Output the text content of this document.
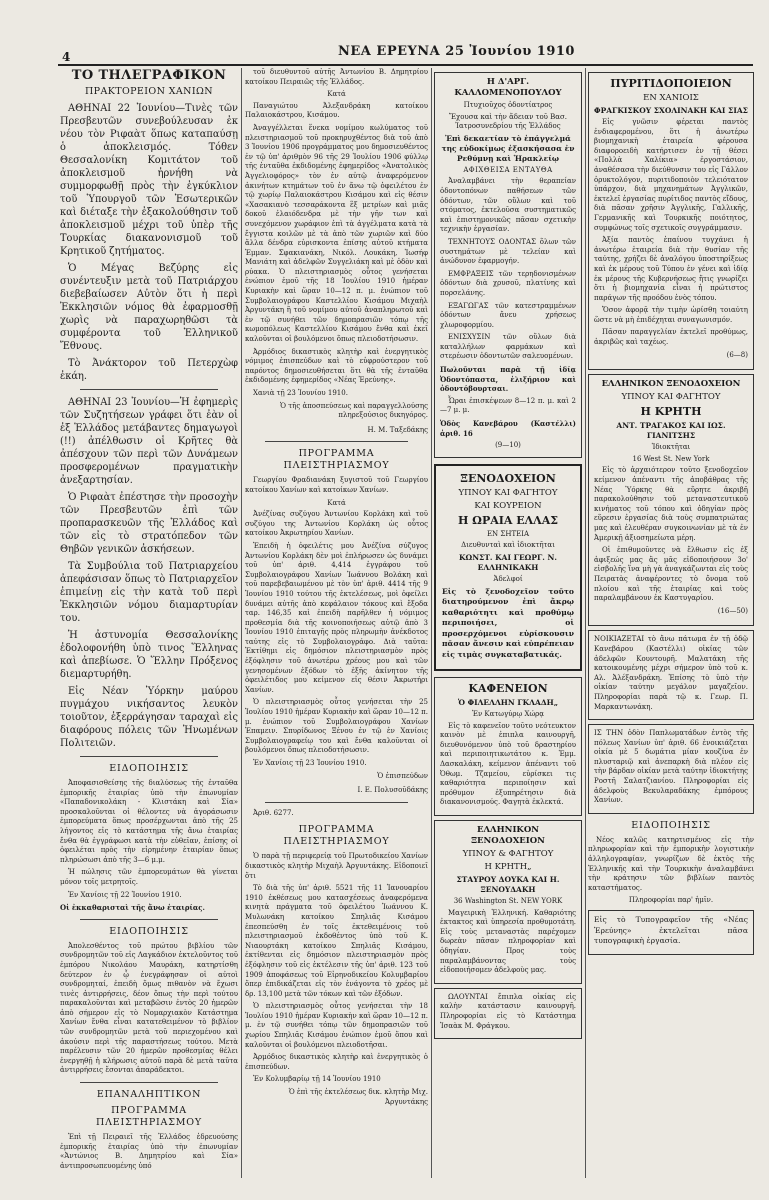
4	ΝΕΑ ΕΡΕΥΝΑ 25 Ἰουνίου 1910
ΤΟ ΤΗΛΕΓΡΑΦΙΚΟΝ
ΠΡΑΚΤΟΡΕΙΟΝ ΧΑΝΙΩΝ

ΑΘΗΝΑΙ 22 Ἰουνίου—Τινὲς τῶν Πρεσβευτῶν συνεβούλευσαν ἐκ νέου τὸν Ριφαὰτ ὅπως καταπαύσῃ ὁ ἀποκλεισμός. Τόθεν Θεσσαλονίκη Κομιτάτον τοῦ ἀποκλεισμοῦ ἠρνήθη νὰ συμμορφωθῇ πρὸς τὴν ἐγκύκλιον τοῦ Ὑπουργοῦ τῶν Ἐσωτερικῶν καὶ διέταξε τὴν ἐξακολούθησιν τοῦ ἀποκλεισμοῦ μέχρι τοῦ ὑπὲρ τῆς Τουρκίας διακανονισμοῦ τοῦ Κρητικοῦ ζητήματος.

Ὁ Μέγας Βεζύρης εἰς συνέντευξιν μετὰ τοῦ Πατριάρχου διεβεβαίωσεν Αὐτὸν ὅτι ἡ περὶ Ἐκκλησιῶν νόμος θὰ ἐφαρμοσθῇ χωρὶς νὰ παραχωρηθῶσι τὰ συμφέροντα τοῦ Ἑλληνικοῦ Ἔθνους.

Τὸ Ἀνάκτορον τοῦ Πετερχὼφ ἐκάη.

ΑΘΗΝΑΙ 23 Ἰουνίου—Ἡ ἐφημερὶς τῶν Συζητήσεων γράφει ὅτι ἐὰν οἱ ἐξ Ἑλλάδος μετάβαντες δημαγωγοὶ (!!) ἀπέλθωσιν οἱ Κρῆτες θὰ ἀπέσχουν τῶν περὶ τῶν Δυνάμεων προσφερομένων πραγματικὴν ἀνεξαρτησίαν.

Ὁ Ριφαὰτ ἐπέστησε τὴν προσοχὴν τῶν Πρεσβευτῶν ἐπὶ τῶν προπαρασκευῶν τῆς Ἑλλάδος καὶ τῶν εἰς τὸ στρατόπεδον τῶν Θηβῶν γενικῶν ἀσκήσεων.

Τὰ Συμβούλια τοῦ Πατριαρχείου ἀπεφάσισαν ὅπως τὸ Πατριαρχεῖον ἐπιμείνῃ εἰς τὴν κατὰ τοῦ περὶ Ἐκκλησιῶν νόμου διαμαρτυρίαν του.

Ἡ ἀστυνομία Θεσσαλονίκης ἐδολοφονήθη ὑπὸ τινος Ἕλληνας καὶ ἀπεβίωσε. Ὁ Ἕλλην Πρόξενος διεμαρτυρήθη.

Εἰς Νέαν Ὑόρκην μαύρου πυγμάχου νικήσαντος λευκὸν τοιοῦτον, ἐξερράγησαν ταραχαὶ εἰς διαφόρους πόλεις τῶν Ἡνωμένων Πολιτειῶν.

ΕΙΔΟΠΟΙΗΣΙΣ

Ἀποφασισθείσης τῆς διαλύσεως τῆς ἐνταῦθα ἐμπορικῆς ἑταιρίας ὑπὸ τὴν ἐπωνυμίαν «Παπαδονικολάκη - Κλιστάκη καὶ Σία» προσκαλοῦνται οἱ θέλοντες νὰ ἀγοράσωσιν ἐμπορεύματα ὅπως προσέρχωνται ἀπὸ τῆς 25 λήγοντος εἰς τὸ κατάστημα τῆς ἄνω ἑταιρίας ἔνθα θὰ ἐγγράφωσι κατὰ τὴν εὐθεῖαν, ἐπίσης οἱ ὀφειλέται πρὸς τὴν εἰρημένην ἑταιρίαν ὅπως πληρώσωσι ἀπὸ τῆς 3—6 μ.μ.

Ἡ πώλησις τῶν ἐμπορευμάτων θὰ γίνεται μόνον τοῖς μετρητοῖς.

Ἐν Χανίοις τῇ 22 Ἰουνίου 1910.

Οἱ ἐκκαθαρισταὶ τῆς ἄνω ἑταιρίας.

ΕΙΔΟΠΟΙΗΣΙΣ

Ἀπολεσθέντος τοῦ πρώτου βιβλίου τῶν συνδρομητῶν τοῦ εἰς Λαγκάδιον ἐκτελοῦντος τοῦ ἐμπόρου Νικολάου Μαυράκη, κατηρτίσθη δεύτερον ἐν ᾧ ἐνεγράφησαν οἱ αὐτοὶ συνδρομηταί, ἐπειδὴ ὅμως πιθανὸν νὰ ἔχωσι τινὲς ἀντιρρήσεις, δέον ὅπως τὴν περὶ τούτου παρακαλοῦνται καὶ μεταβῶσιν ἐντὸς 20 ἡμερῶν ἀπὸ σήμερον εἰς τὸ Νομαρχιακὸν Κατάστημα Χανίων ἔνθα εἶναι κατατεθειμένον τὸ βιβλίον τῶν συνδρομητῶν μετὰ τοῦ περιεχομένου καὶ ἀκούσιν περὶ τῆς παραστήσεως τούτου. Μετὰ παρέλευσιν τῶν 20 ἡμερῶν προθεσμίας θέλει ἐνεργηθῇ ἡ κλήρωσις αὐτοῦ παρὰ δὲ μετὰ ταῦτα ἀντιρρήσεις ἔσονται ἀπαράδεκτοι.

ΕΠΑΝΑΛΗΠΤΙΚΟΝ
ΠΡΟΓΡΑΜΜΑ ΠΛΕΙΣΤΗΡΙΑΣΜΟΥ

Ἐπὶ τῇ Πειραιεῖ τῆς Ἑλλάδος ἐδρευούσης ἐμπορικῆς ἑταιρίας ὑπὸ τὴν ἐπωνυμίαν «Ἀντώνιος Β. Δημητρίου καὶ Σία» ἀντιπροσωπευομένης ὑπό

τοῦ διευθυντοῦ αὐτῆς Ἀντωνίου Β. Δημητρίου κατοίκου Πειραιῶς τῆς Ἑλλάδος.

Κατά

Παναγιώτου Ἀλεξανδράκη κατοίκου Παλαιοκάστρου, Κισάμου.

Ἀναγγέλλεται ἕνεκα νομίμου κωλύματος τοῦ πλειστηριασμοῦ τοῦ προκηρυχθέντος διὰ τοῦ ἀπὸ 3 Ἰουνίου 1906 προγράμματος μου δημοσιευθέντος ἐν τῷ ὑπ' ἀριθμὸν 96 τῆς 29 Ἰουλίου 1906 φύλλῳ τῆς ἐνταῦθα ἐκδιδομένης ἐφημερίδος «Ἀνατολικὸς Ἀγγελιοφόρος» τὸν ἐν αὐτῷ ἀναφερόμενον ἀκινήτων κτημάτων τοῦ ἐν ἄνω τῷ ὀφειλέτου ἐν τῷ χωρίῳ Παλαιοκάστρου Κισάμου καὶ εἰς θέσιν «Χασακιανὸ τεσσαράκοντα ἓξ μετρίων καὶ μιᾶς δοκοῦ ἐλαιόδενδρα μὲ τὴν γῆν των καὶ συνεχόμενον χωράφιον ἐπὶ τὰ ἀγγέλματα κατὰ τὰ ἔγγιστα κοιλῶν μὲ τὰ ἀπὸ τῶν χωριῶν καὶ δύο ἄλλα δένδρα εὑρισκοντα ἐπίσης αὐτοῦ κτήματα Ἐμμαν. Σφακιανάκη, Νικόλ. Λουκάκη, Ἰωσήφ Μανιάτη καὶ ἀδελφῶν Συγγελιάκη καὶ μὲ ὁδὸν καὶ ρύακα. Ὁ πλειστηριασμὸς οὗτος γενήσεται ἐνώπιον ἐμοῦ τῆς 18 Ἰουλίου 1910 ἡμέραν Κυριακὴν καὶ ὥραν 10—12 π. μ. ἐνώπιον τοῦ Συμβολαιογράφου Καστελλίου Κισάμου Μιχαὴλ Ἀργυντάκη ἢ τοῦ νομίμου αὐτοῦ ἀναπληρωτοῦ καὶ ἐν τῷ συνήθει τῶν δημοπρασιῶν τόπῳ τῆς κωμοπόλεως Καστελλίου Κισάμου ἔνθα καὶ ἐκεῖ καλοῦνται οἱ βουλόμενοι ὅπως πλειοδοτήσωσιν.

Ἀρμόδιος δικαστικὸς κλητὴρ καὶ ἐνεργητικὸς νόμιμος ἐπισπεύδων καὶ τὸ εὐφρούστερον τοῦ παρόντος δημοσιευθήσεται ὅτι θὰ τῆς ἐνταῦθα ἐκδιδομένης ἐφημερίδος «Νέας Ἐρεύνης».

Χανιὰ τῇ 23 Ἰουνίου 1910.

Ὁ τῆς ἀποσπεύσεως καὶ παραγγελλούσης πληρεξούσιος δικηγόρος.

Η. Μ. Ταξεδάκης

ΠΡΟΓΡΑΜΜΑ ΠΛΕΙΣΤΗΡΙΑΣΜΟΥ

Γεωργίου Φραδιανάκη ξυγιστοῦ τοῦ Γεωργίου κατοίκου Χανίων καὶ κατοίκων Χανίων.

Κατά

Ἀνέζίνας συζύγου Ἀντωνίου Κορλάκη καὶ τοῦ συζύγου της Ἀντωνίου Κορλάκη ὡς οὗτος κατοίκου Ἀκρωτηρίου Χανίων.

Ἐπειδὴ ἡ ὀφειλέτις μου Ἀνέζίνα σύζυγος Ἀντωνίου Κορλάκη δὲν μοὶ ἐπλήρωσεν ὡς δυνάμει τοῦ ὑπ' ἀριθ. 4,414 ἐγγράφου τοῦ Συμβολαιογράφου Χανίων Ἰωάννου Βολάκη καὶ τοῦ παρεβεβαιωμένου μὲ τὸν ὑπ' ἀριθ. 4414 τῆς 9 Ἰουνίου 1910 τούτου τῆς ἐκτελέσεως, μοὶ ὀφείλει δυνάμει αὐτῆς ἀπὸ κεφάλαιον τόκους καὶ ἔξοδα ταρ. 146,35 καὶ ἐπειδὴ παρῆλθεν ἡ νόμιμος προθεσμία διὰ τῆς κοινοποιήσεως αὐτῷ ἀπὸ 3 Ἰουνίου 1910 ἐπιταγῆς πρὸς πληρωμὴν ἀνέκδοτος ταύτης εἰς τὸ Συμβολαιογράφο. Διὰ ταῦτα: Ἐκτίθημι εἰς δημόσιον πλειστηριασμὸν πρὸς ἐξόφλησιν τοῦ ἀνωτέρω χρέους μου καὶ τῶν γενησομένων ἐξόδων τὸ ἐξῆς ἀκίνητον τῆς ὀφειλέτιδος μου κείμενον εἰς θέσιν Ἀκρωτήρι Χανίων.

Ὁ πλειστηριασμὸς οὗτος γενήσεται τὴν 25 Ἰουλίου 1910 ἡμέραν Κυριακὴν καὶ ὥραν 10—12 π. μ. ἐνώπιον τοῦ Συμβολαιογράφου Χανίων Ἐπαμειν. Σπυρίδωνος Ξένου ἐν τῷ ἐν Χανίοις Συμβολαιογραφείῳ του καὶ ἔνθα καλοῦνται οἱ βουλόμενοι ὅπως πλειοδοτήσωσιν.

Ἐν Χανίοις τῇ 23 Ἰουνίου 1910.

Ὁ ἐπισπεύδων

Ι. Ε. Πολυσοῦδάκης

Ἀριθ. 6277.

ΠΡΟΓΡΑΜΜΑ ΠΛΕΙΣΤΗΡΙΑΣΜΟΥ

Ὁ παρὰ τῇ περιφερείᾳ τοῦ Πρωτοδικείου Χανίων δικαστικὸς κλητὴρ Μιχαὴλ Ἀργυντάκης. Εἰδοποιεῖ ὅτι

Τὸ διὰ τῆς ὑπ' ἀριθ. 5521 τῆς 11 Ἰανουαρίου 1910 ἐκθέσεως μου κατασχέσεως ἀναφερόμενα κινητὰ πράγματα τοῦ ὀφειλέτου Ἰωάννου Κ. Μυλωνάκη κατοίκου Σπηλιᾶς Κισάμου ἐπεσπεύσθη ἐν τοῖς ἐκτεθειμένοις τοῦ πλειστηριασμοῦ ἐκδοθέντος ὑπὸ τοῦ Κ. Νιαουρτάκη κατοίκου Σπηλιᾶς Κισάμου, ἐκτίθενται εἰς δημόσιον πλειστηριασμὸν πρὸς ἐξόφλησιν τοῦ εἰς ἐκτέλεσιν τῆς ὑπ' ἀριθ. 123 τοῦ 1909 ἀποφάσεως τοῦ Εἰρηνοδικείου Κολυμβαρίου ὅπερ ἐπιδικάζεται εἰς τὸν ἐνάγοντα τὸ χρέος μὲ δρ. 13,100 μετὰ τῶν τόκων καὶ τῶν ἐξόδων.

Ὁ πλειστηριασμὸς οὗτος γενήσεται τὴν 18 Ἰουλίου 1910 ἡμέραν Κυριακὴν καὶ ὥραν 10—12 π. μ. ἐν τῷ συνήθει τόπῳ τῶν δημοπρασιῶν τοῦ χωρίου Σπηλιᾶς Κισάμου ἐνώπιον ἐμοῦ ὅπου καὶ καλοῦνται οἱ βουλόμενοι πλειοδοτῆσαι.

Ἀρμόδιος δικαστικὸς κλητὴρ καὶ ἐνεργητικὸς ὁ ἐπισπεύδων.

Ἐν Κολυμβαρίῳ τῇ 14 Ἰουνίου 1910

Ὁ ἐπὶ τῆς ἐκτελέσεως δικ. κλητὴρ Μιχ. Ἀργυντάκης

Η Δ'ΑΡΓ. ΚΑΛΛΟΜΕΝΟΠΟΥΛΟΥ

Πτυχιοῦχος ὀδοντίατρος

Ἔχουσα καὶ τὴν ἄδειαν τοῦ Βασ. Ἰατροσυνεδρίου τῆς Ἑλλάδος

Ἐπὶ δεκαετίαν τὸ ἐπάγγελμά της εὐδοκίμως ἐξασκήσασα ἐν Ρεθύμνῃ καὶ Ἡρακλείῳ

ΑΦΙΧΘΕΙΣΑ ΕΝΤΑΥΘΑ

Ἀναλαμβάνει τὴν θεραπείαν ὀδοντοπόνων παθήσεων τῶν ὀδόντων, τῶν οὔλων καὶ τοῦ στόματος, ἐκτελοῦσα συστηματικῶς καὶ ἐπιστημονικῶς πᾶσαν σχετικὴν τεχνικὴν ἐργασίαν.

ΤΕΧΝΗΤΟΥΣ ΟΔΟΝΤΑΣ ὅλων τῶν συστημάτων μὲ τελείαν καὶ ἀνώδυνον ἐφαρμογήν.

ΕΜΦΡΑΞΕΙΣ τῶν τερηδονισμένων ὀδόντων διὰ χρυσοῦ, πλατίνης καὶ πορσελάνης.

ΕΞΑΓΩΓΑΣ τῶν κατεστραμμένων ὀδόντων ἄνευ χρήσεως χλωροφορμίου.

ΕΝΙΣΧΥΣΙΝ τῶν οὔλων διὰ καταλλήλων φαρμάκων καὶ στερέωσιν ὀδοντωτῶν σαλευομένων.

Πωλοῦνται παρὰ τῇ ἰδίᾳ Ὀδοντόπαστα, ἐλιξήριον καὶ ὀδοντόβουρτσαι.

Ὧραι ἐπισκέψεων 8—12 π. μ. καὶ 2—7 μ. μ.

Ὁδὸς Κανεβάρου (Καστέλλι) ἀριθ. 16

(9—10)

ΞΕΝΟΔΟΧΕΙΟΝ

ΥΠΝΟΥ ΚΑΙ ΦΑΓΗΤΟΥ

ΚΑΙ ΚΟΥΡΕΙΟΝ

Η ΩΡΑΙΑ ΕΛΛΑΣ

ΕΝ ΣΗΤΕΙΑ

Διευθυνταὶ καὶ ἰδιοκτῆται

ΚΩΝΣΤ. ΚΑΙ ΓΕΩΡΓ. Ν. ΕΛΛΗΝΙΚΑΚΗ

Ἀδελφοί

Εἰς τὸ ξενοδοχεῖον τοῦτο διατηρούμενον ἐπὶ ἄκρῳ καθαριότητι καὶ προθύμῳ περιποιήσει, οἱ προσερχόμενοι εὑρίσκουσιν πᾶσαν ἄνεσιν καὶ εὐπρέπειαν εἰς τιμὰς συγκαταβατικάς.

ΚΑΦΕΝΕΙΟΝ

Ὁ ΦΙΛΕΛΛΗΝ ΓΚΛΑΔΗ„

Ἐν Κατωγύρῳ Χώρᾳ

Εἰς τὸ καφενεῖον τοῦτο νεότευκτον καινὸν μὲ ἐπιπλα καινουργῆ, διευθυνόμενον ὑπὸ τοῦ δραστηρίου καὶ περιποιητικωτάτου κ. Ἐμμ. Δασκαλάκη, κείμενον ἀπέναντι τοῦ Ὀθωμ. Τζαμείου, εὑρίσκει τις καθαριότητα περιποίησιν καὶ πρόθυμον ἐξυπηρέτησιν διὰ διακανονισμούς. Φαγητὰ ἐκλεκτά.

ΕΛΛΗΝΙΚΟΝ ΞΕΝΟΔΟΧΕΙΟΝ

ΥΠΝΟΥ & ΦΑΓΗΤΟΥ

Η ΚΡΗΤΗ„

ΣΤΑΥΡΟΥ ΔΟΥΚΑ ΚΑΙ Η. ΞΕΝΟΥΔΑΚΗ

36 Washington St. NEW YORK

Μαγειρικὴ Ἑλληνική. Καθαριότης ἐκτακτος καὶ ὑπηρεσία προθυμοτάτη. Εἰς τοὺς μεταναστὰς παρέχομεν δωρεὰν πᾶσαν πληροφορίαν καὶ ὁδηγίαν. Προς τοὺς παραλαμβάνοντας τοὺς εἰδοποιήσομεν ἀδελφοὺς μας.

ΩΛΟΥΝΤΑΙ ἔπιπλα οἰκίας εἰς καλὴν κατάστασιν καινουργῆ. Πληροφορίαι εἰς τὸ Κατάστημα Ἰσαὰκ Μ. Φράγκου.

ΠΥΡΙΤΙΔΟΠΟΙΕΙΟΝ

ΕΝ ΧΑΝΙΟΙΣ

ΦΡΑΓΚΙΣΚΟΥ ΣΧΟΛΙΝΑΚΗ ΚΑΙ ΣΙΑΣ

Εἰς γνῶσιν φέρεται παντὸς ἐνδιαφερομένου, ὅτι ἡ ἀνωτέρω βιομηχανικὴ ἑταιρεία φέρουσα διαφοροειδὴ κατήρτισεν ἐν τῇ θέσει «Πολλὰ Χαλίκια» ἐργοστάσιον, ἀναθέσασα τὴν διεύθυνσιν του εἰς Γάλλον ὀρυκτολόγον, πυριτιδοποιὸν τελειότατον ὑπάρχον, διὰ μηχανημάτων Ἀγγλικῶν, ἐκτελεῖ ἐργασίας πυρίτιδος παντὸς εἴδους, διὰ πᾶσαν χρῆσιν Ἀγγλικῆς, Γαλλικῆς, Γερμανικῆς καὶ Τουρκικῆς ποιότητος, συμφώνως τοῖς σχετικοῖς συγγράμμασιν.

Ἀξία παντὸς ἐπαίνου τυγχάνει ἡ ἀνωτέρω ἑταιρεία διὰ τὴν θυσίαν τῆς ταύτης, χρήζει δὲ ἀναλόγου ὑποστηρίξεως καὶ ἐκ μέρους τοῦ Τύπου ἐν γένει καὶ ἰδίᾳ ἐκ μέρους τῆς Κυβερνήσεως ἥτις γνωρίζει ὅτι ἡ βιομηχανία εἶναι ἡ πρώτιστος παράγων τῆς προόδου ἑνὸς τόπου.

Ὅσον ἀφορᾷ τὴν τιμὴν ὡρίσθη τοιαύτη ὥστε νὰ μὴ ἐπιδέχηται συναγωνισμόν.

Πᾶσαν παραγγελίαν ἐκτελεῖ προθύμως, ἀκριβῶς καὶ ταχέως.

(6—8)

ΕΛΛΗΝΙΚΟΝ ΞΕΝΟΔΟΧΕΙΟΝ

ΥΠΝΟΥ ΚΑΙ ΦΑΓΗΤΟΥ

Η ΚΡΗΤΗ

ΑΝΤ. ΤΡΑΓΑΚΟΣ ΚΑΙ ΙΩΣ. ΓΙΑΝΙΤΣΗΣ

Ἰδιοκτῆται

16 West St. New York

Εἰς τὸ ἀρχαιότερον τοῦτο ξενοδοχεῖον κείμενον ἀπέναντι τῆς ἀποβάθρας τῆς Νέας Ὑόρκης θὰ εὕρητε ἀκριβῆ παρακολούθησιν τοῦ μεταναστευτικοῦ κινήματος τοῦ τόπου καὶ ὁδηγίαν πρὸς εὕρεσιν ἐργασίας διὰ τοὺς συμπατριώτας μας καὶ ἐλευθέραν συγκοινωνίαν μὲ τὰ ἐν Ἀμερικῇ ἀξιοσημείωτα μέρη.

Οἱ ἐπιθυμοῦντες νὰ ἔλθωσιν εἰς ἐξ ἀφιξεώς μας ἂς μᾶς εἰδοποιήσουν 3ο' εἰσβολῆς ἵνα μὴ γὰ ἀναγκάζωνται εἰς τοὺς Πειρατὰς ἀναφέροντες τὸ ὄνομα τοῦ πλοίου καὶ τῆς ἑταιρίας καὶ τοὺς παραλαμβάνουν ἐκ Καστυγαρίου.

(16—50)

ΝΟΙΚΙΑΖΕΤΑΙ τὸ ἄνω πάτωμα ἐν τῇ ὁδῷ Κανεβάρου (Καστέλλι) οἰκίας τῶν ἀδελφῶν Κουντουρῆ. Μαλατάκη τῆς κατοικουμένης μέχρι σήμερον ὑπὸ τοῦ κ. Αλ. Ἀλέξανδράκη. Ἐπίσης τὸ ὑπὸ τὴν οἰκίαν ταύτην μεγάλον μαγαζεῖον. Πληροφορίαι παρὰ τῷ κ. Γεωρ. Π. Μαρκαντωνάκη.

ΙΣ ΤΗΝ ὁδὸν Παπλωματάδων ἐντὸς τῆς πόλεως Χανίων ὑπ' ἀριθ. 66 ἐνοικιάζεται οἰκία μὲ 5 δωμάτια μίαν κουζίνα ἐν πλυσταριῷ καὶ ἀνεπαρκὴ διὰ πλέον εἰς τὴν βάρδαν οἰκίαν μετὰ ταύτην ἰδιοκτήτης Ροστῆ Σαλατζιανίου. Πληροφορίαι εἰς ἀδελφοὺς Βεκυλαραδάκης ἐμπόρους Χανίων.

ΕΙΔΟΠΟΙΗΣΙΣ

Νέος καλῶς κατηρτισμένος εἰς τὴν πληρωφορίαν καὶ τὴν ἐμπορικὴν λογιστικὴν ἀλληλογραφίαν, γνωρίζων δὲ ἐκτὸς τῆς Ἑλληνικῆς καὶ τὴν Τουρκικὴν ἀναλαμβάνει τὴν κράτησιν τῶν βιβλίων παντὸς καταστήματος.

Πληροφορίαι παρ' ἡμῖν.

Εἰς τὸ Τυπογραφεῖον τῆς «Νέας Ἐρεύνης» ἐκτελεῖται πᾶσα τυπογραφικὴ ἐργασία.
